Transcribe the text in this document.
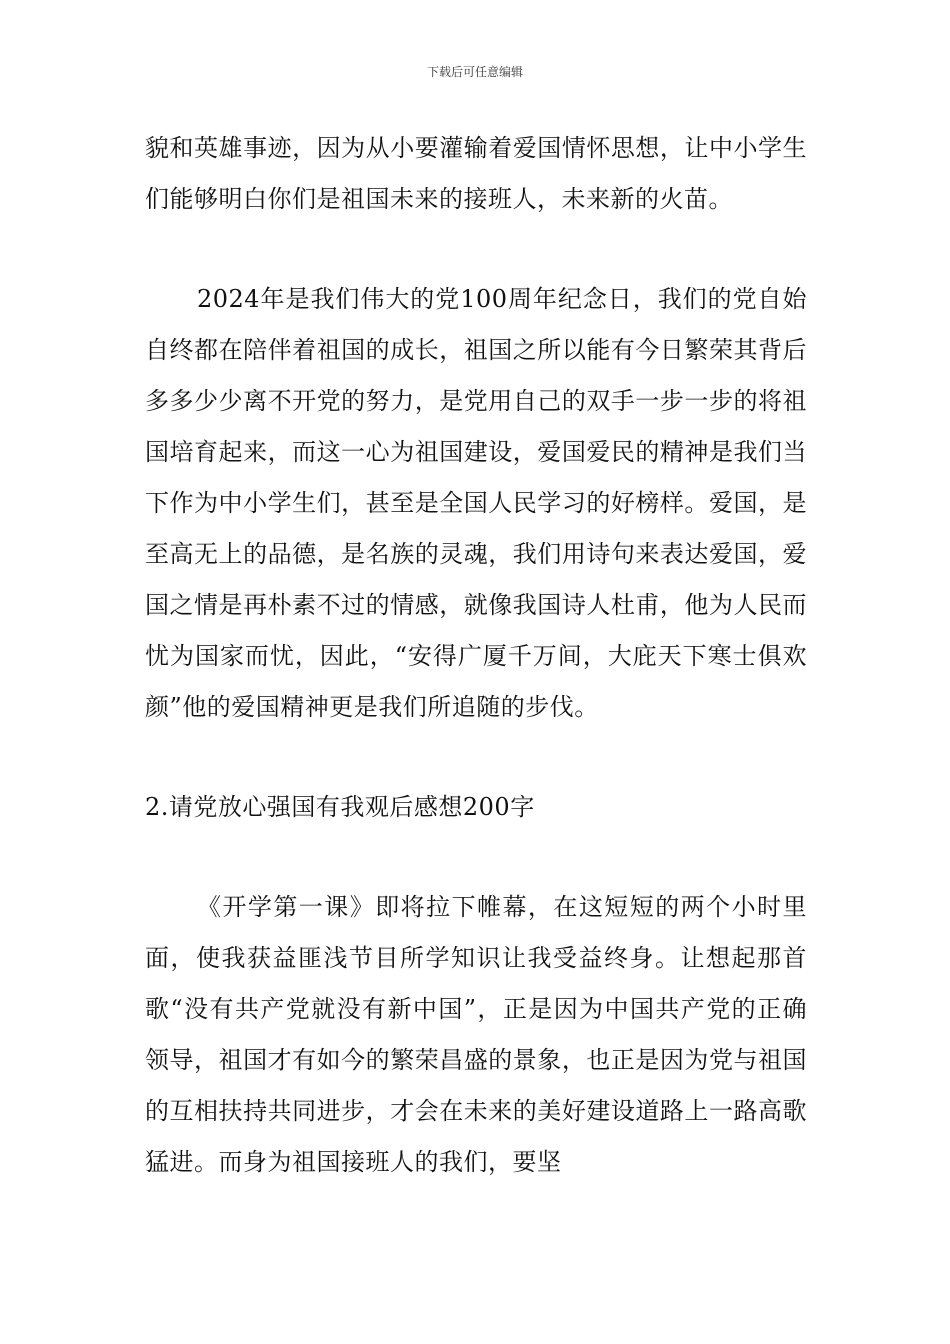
下载后可任意编辑

貌和英雄事迹，因为从小要灌输着爱国情怀思想，让中小学生们能够明白你们是祖国未来的接班人，未来新的火苗。

2024年是我们伟大的党100周年纪念日，我们的党自始自终都在陪伴着祖国的成长，祖国之所以能有今日繁荣其背后多多少少离不开党的努力，是党用自己的双手一步一步的将祖国培育起来，而这一心为祖国建设，爱国爱民的精神是我们当下作为中小学生们，甚至是全国人民学习的好榜样。爱国，是至高无上的品德，是名族的灵魂，我们用诗句来表达爱国，爱国之情是再朴素不过的情感，就像我国诗人杜甫，他为人民而忧为国家而忧，因此，“安得广厦千万间，大庇天下寒士俱欢颜”他的爱国精神更是我们所追随的步伐。

2.请党放心强国有我观后感想200字

《开学第一课》即将拉下帷幕，在这短短的两个小时里面，使我获益匪浅节目所学知识让我受益终身。让想起那首歌“没有共产党就没有新中国”，正是因为中国共产党的正确领导，祖国才有如今的繁荣昌盛的景象，也正是因为党与祖国的互相扶持共同进步，才会在未来的美好建设道路上一路高歌猛进。而身为祖国接班人的我们，要坚
